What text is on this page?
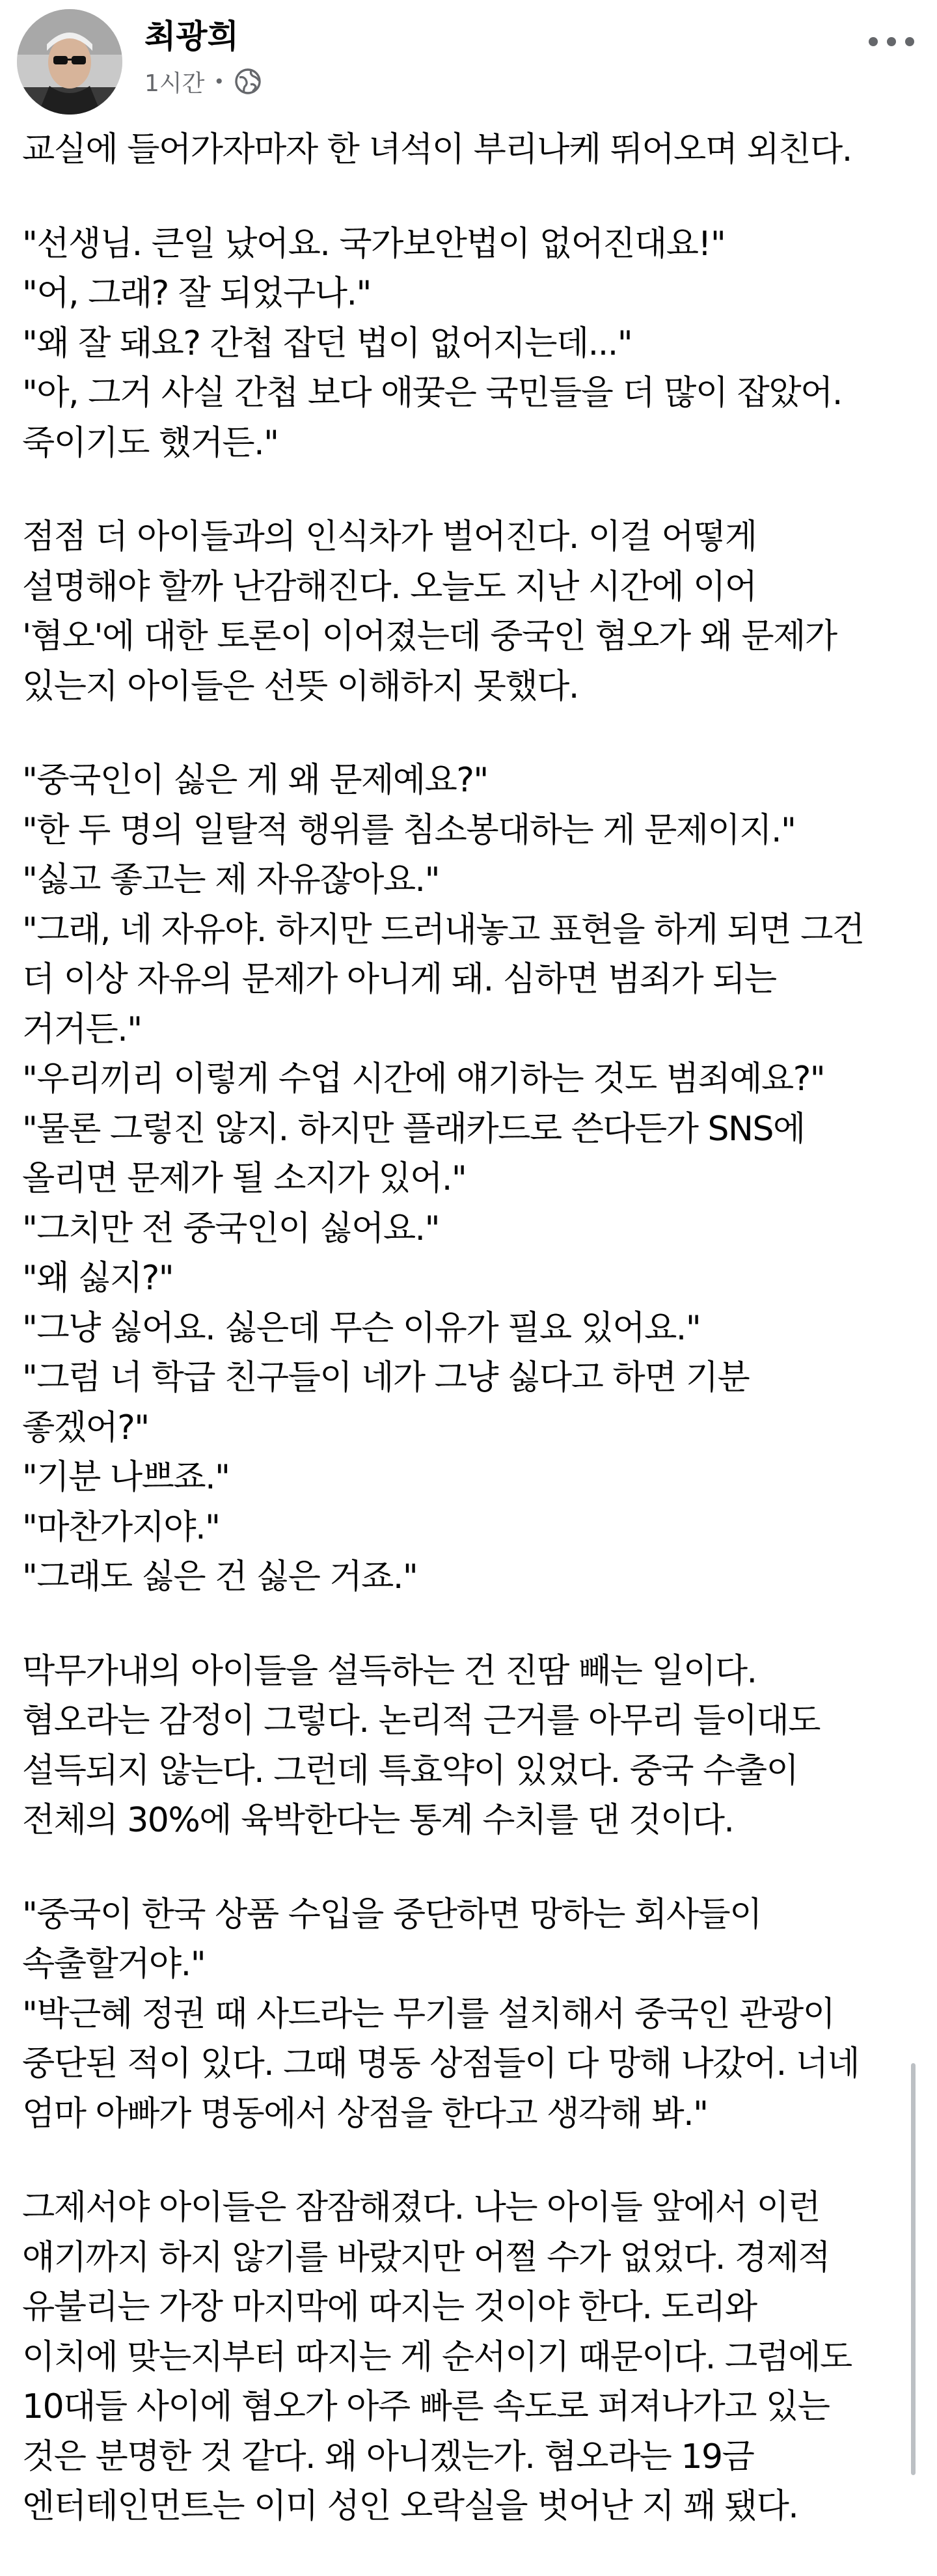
최광희
1시간 •

교실에 들어가자마자 한 녀석이 부리나케 뛰어오며 외친다.

"선생님. 큰일 났어요. 국가보안법이 없어진대요!"
"어, 그래? 잘 되었구나."
"왜 잘 돼요? 간첩 잡던 법이 없어지는데..."
"아, 그거 사실 간첩 보다 애꿎은 국민들을 더 많이 잡았어.
죽이기도 했거든."

점점 더 아이들과의 인식차가 벌어진다. 이걸 어떻게
설명해야 할까 난감해진다. 오늘도 지난 시간에 이어
'혐오'에 대한 토론이 이어졌는데 중국인 혐오가 왜 문제가
있는지 아이들은 선뜻 이해하지 못했다.

"중국인이 싫은 게 왜 문제예요?"
"한 두 명의 일탈적 행위를 침소봉대하는 게 문제이지."
"싫고 좋고는 제 자유잖아요."
"그래, 네 자유야. 하지만 드러내놓고 표현을 하게 되면 그건
더 이상 자유의 문제가 아니게 돼. 심하면 범죄가 되는
거거든."
"우리끼리 이렇게 수업 시간에 얘기하는 것도 범죄예요?"
"물론 그렇진 않지. 하지만 플래카드로 쓴다든가 SNS에
올리면 문제가 될 소지가 있어."
"그치만 전 중국인이 싫어요."
"왜 싫지?"
"그냥 싫어요. 싫은데 무슨 이유가 필요 있어요."
"그럼 너 학급 친구들이 네가 그냥 싫다고 하면 기분
좋겠어?"
"기분 나쁘죠."
"마찬가지야."
"그래도 싫은 건 싫은 거죠."

막무가내의 아이들을 설득하는 건 진땀 빼는 일이다.
혐오라는 감정이 그렇다. 논리적 근거를 아무리 들이대도
설득되지 않는다. 그런데 특효약이 있었다. 중국 수출이
전체의 30%에 육박한다는 통계 수치를 댄 것이다.

"중국이 한국 상품 수입을 중단하면 망하는 회사들이
속출할거야."
"박근혜 정권 때 사드라는 무기를 설치해서 중국인 관광이
중단된 적이 있다. 그때 명동 상점들이 다 망해 나갔어. 너네
엄마 아빠가 명동에서 상점을 한다고 생각해 봐."

그제서야 아이들은 잠잠해졌다. 나는 아이들 앞에서 이런
얘기까지 하지 않기를 바랐지만 어쩔 수가 없었다. 경제적
유불리는 가장 마지막에 따지는 것이야 한다. 도리와
이치에 맞는지부터 따지는 게 순서이기 때문이다. 그럼에도
10대들 사이에 혐오가 아주 빠른 속도로 퍼져나가고 있는
것은 분명한 것 같다. 왜 아니겠는가. 혐오라는 19금
엔터테인먼트는 이미 성인 오락실을 벗어난 지 꽤 됐다.
